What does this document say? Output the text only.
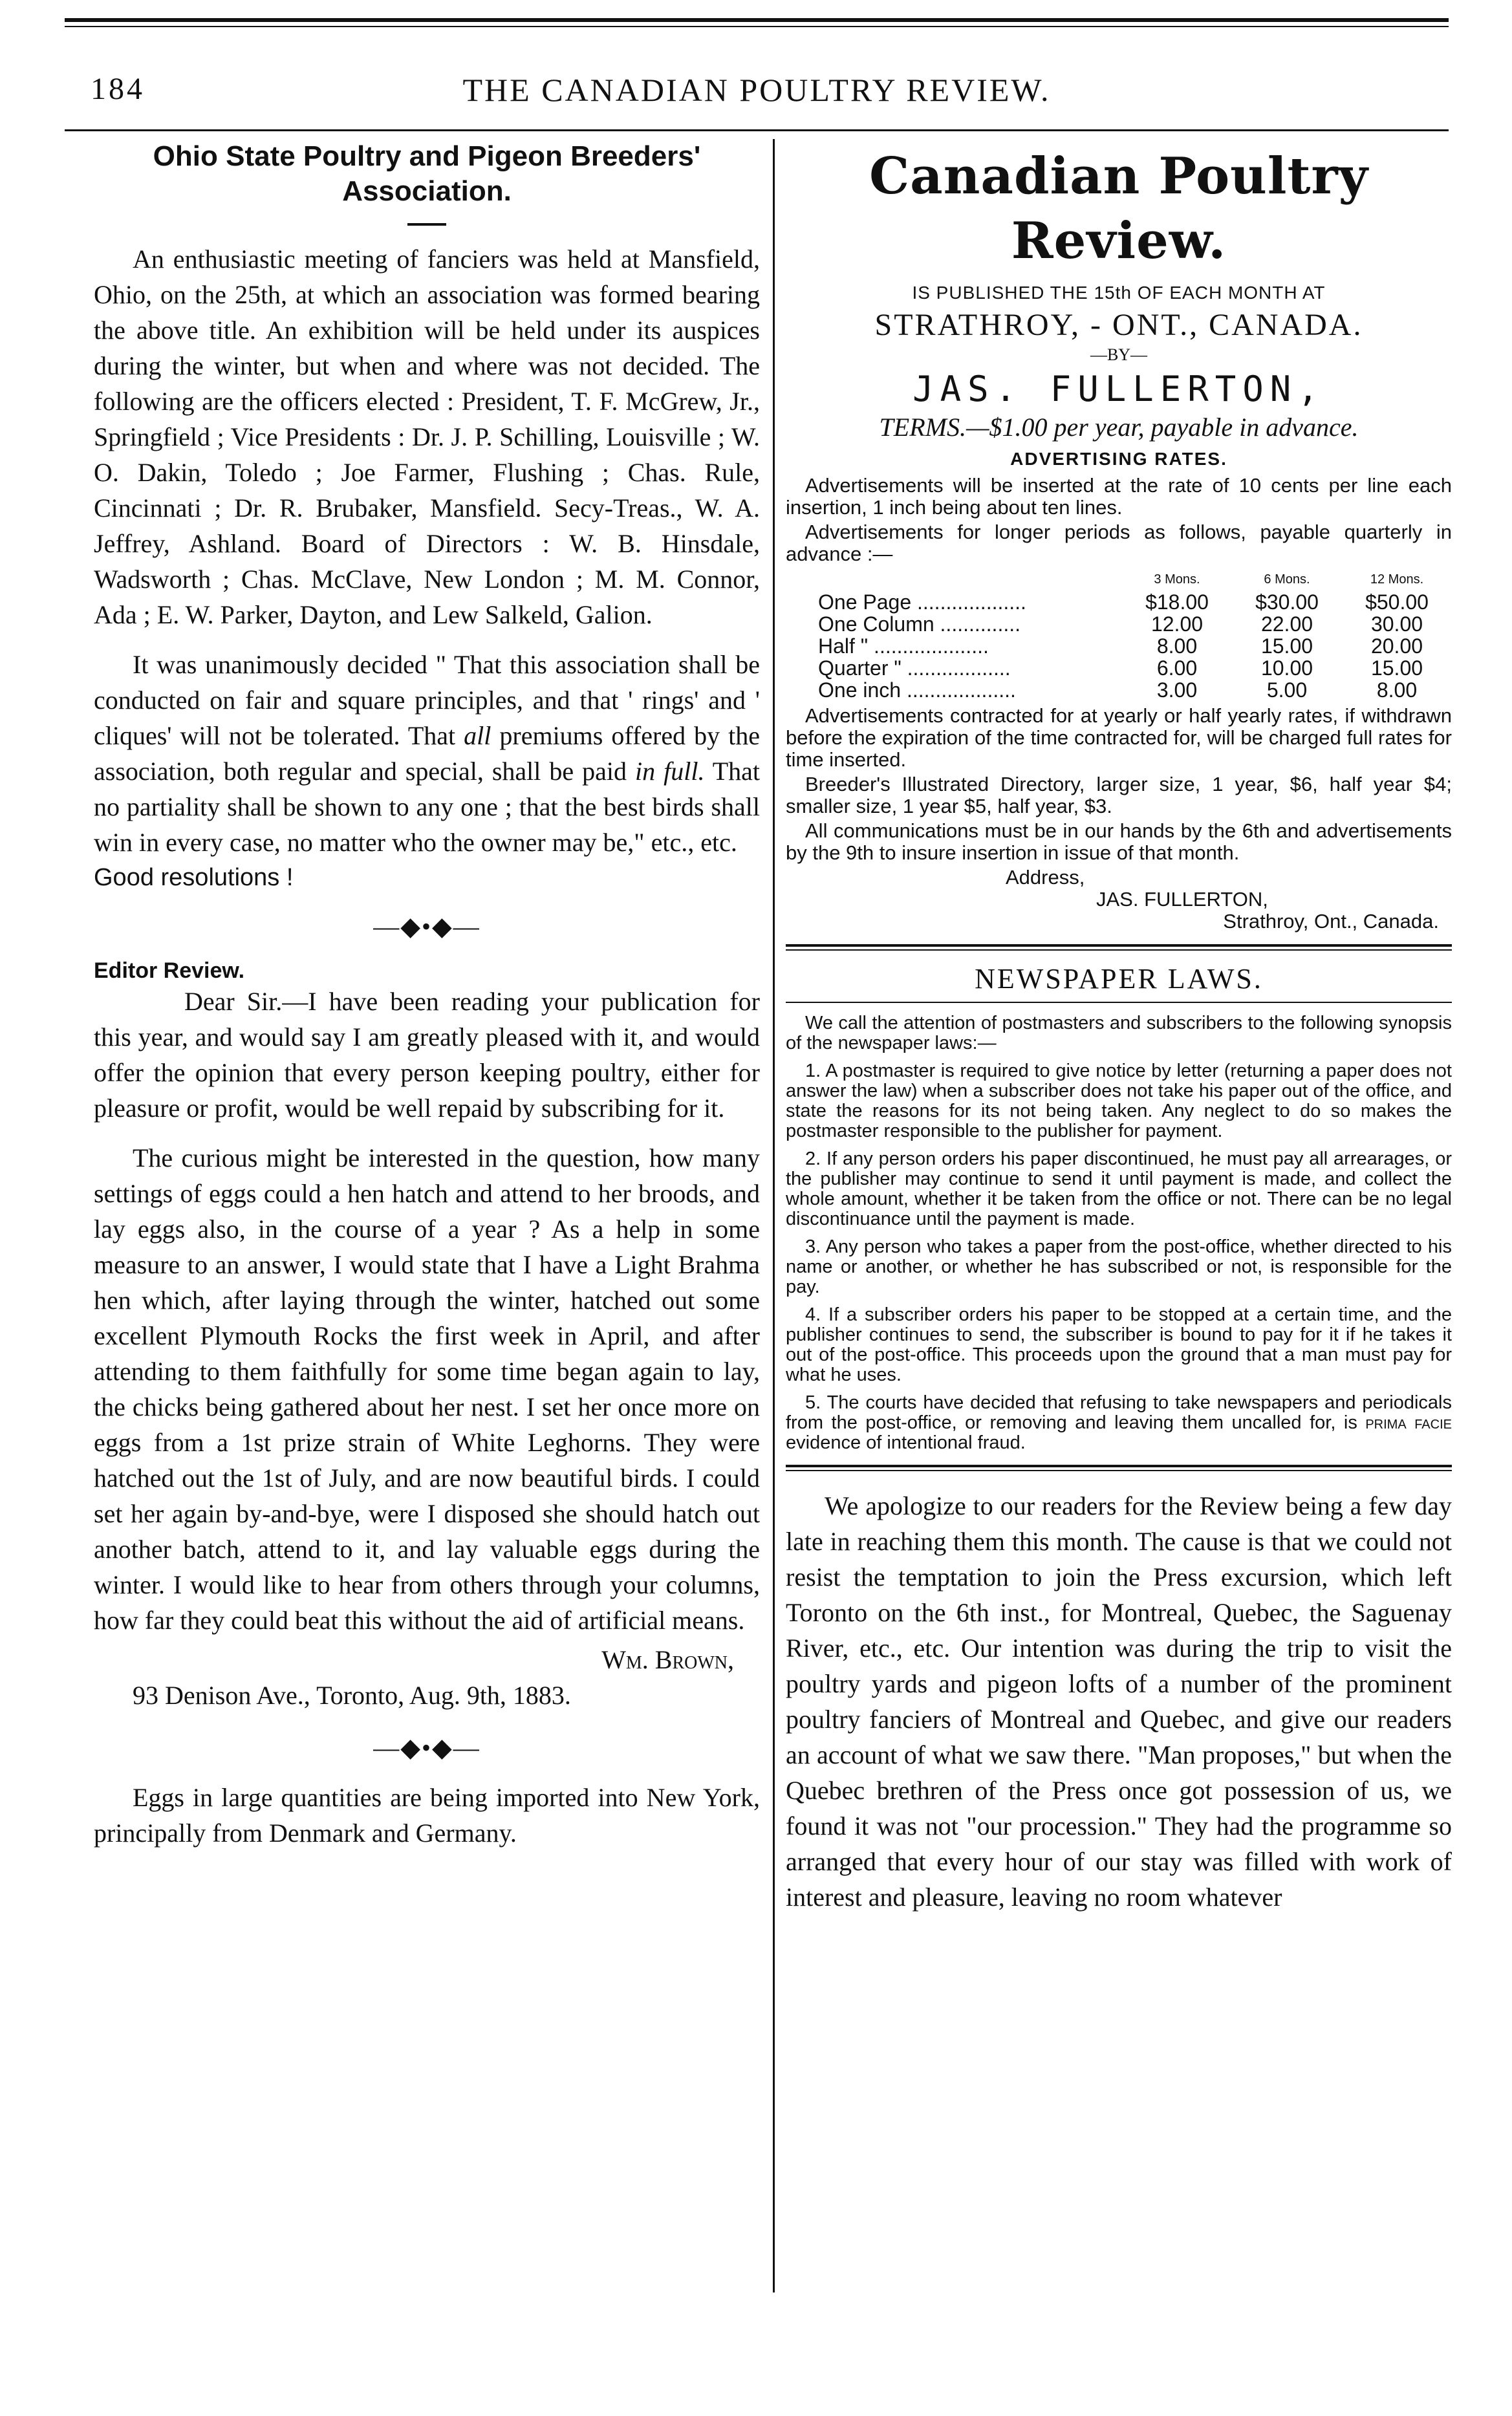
184	THE CANADIAN POULTRY REVIEW.

Ohio State Poultry and Pigeon Breeders'
Association.

An enthusiastic meeting of fanciers was held at Mansfield, Ohio, on the 25th, at which an association was formed bearing the above title. An exhibition will be held under its auspices during the winter, but when and where was not decided. The following are the officers elected : President, T. F. McGrew, Jr., Springfield ; Vice Presidents : Dr. J. P. Schilling, Louisville ; W. O. Dakin, Toledo ; Joe Farmer, Flushing ; Chas. Rule, Cincinnati ; Dr. R. Brubaker, Mansfield. Secy-Treas., W. A. Jeffrey, Ashland. Board of Directors : W. B. Hinsdale, Wadsworth ; Chas. McClave, New London ; M. M. Connor, Ada ; E. W. Parker, Dayton, and Lew Salkeld, Galion.

It was unanimously decided " That this association shall be conducted on fair and square principles, and that ' rings' and ' cliques' will not be tolerated. That all premiums offered by the association, both regular and special, shall be paid in full. That no partiality shall be shown to any one ; that the best birds shall win in every case, no matter who the owner may be," etc., etc.

Good resolutions !

—◆•◆—

Editor Review.

Dear Sir.—I have been reading your publication for this year, and would say I am greatly pleased with it, and would offer the opinion that every person keeping poultry, either for pleasure or profit, would be well repaid by subscribing for it.

The curious might be interested in the question, how many settings of eggs could a hen hatch and attend to her broods, and lay eggs also, in the course of a year ? As a help in some measure to an answer, I would state that I have a Light Brahma hen which, after laying through the winter, hatched out some excellent Plymouth Rocks the first week in April, and after attending to them faithfully for some time began again to lay, the chicks being gathered about her nest. I set her once more on eggs from a 1st prize strain of White Leghorns. They were hatched out the 1st of July, and are now beautiful birds. I could set her again by-and-bye, were I disposed she should hatch out another batch, attend to it, and lay valuable eggs during the winter. I would like to hear from others through your columns, how far they could beat this without the aid of artificial means.

Wm. Brown,

93 Denison Ave., Toronto, Aug. 9th, 1883.

—◆•◆—

Eggs in large quantities are being imported into New York, principally from Denmark and Germany.

Canadian Poultry Review.

IS PUBLISHED THE 15th OF EACH MONTH AT

STRATHROY, - ONT., CANADA.

—BY—

JAS. FULLERTON,

TERMS.—$1.00 per year, payable in advance.

ADVERTISING RATES.

Advertisements will be inserted at the rate of 10 cents per line each insertion, 1 inch being about ten lines.

Advertisements for longer periods as follows, payable quarterly in advance :—

	3 Mons.	6 Mons.	12 Mons.
One Page ...................	$18.00	$30.00	$50.00
One Column ..............	12.00	22.00	30.00
Half " ....................	8.00	15.00	20.00
Quarter " ..................	6.00	10.00	15.00
One inch ...................	3.00	5.00	8.00

Advertisements contracted for at yearly or half yearly rates, if withdrawn before the expiration of the time contracted for, will be charged full rates for time inserted.

Breeder's Illustrated Directory, larger size, 1 year, $6, half year $4; smaller size, 1 year $5, half year, $3.

All communications must be in our hands by the 6th and advertisements by the 9th to insure insertion in issue of that month.

Address,

JAS. FULLERTON,

Strathroy, Ont., Canada.

NEWSPAPER LAWS.

We call the attention of postmasters and subscribers to the following synopsis of the newspaper laws:—

1. A postmaster is required to give notice by letter (returning a paper does not answer the law) when a subscriber does not take his paper out of the office, and state the reasons for its not being taken. Any neglect to do so makes the postmaster responsible to the publisher for payment.

2. If any person orders his paper discontinued, he must pay all arrearages, or the publisher may continue to send it until payment is made, and collect the whole amount, whether it be taken from the office or not. There can be no legal discontinuance until the payment is made.

3. Any person who takes a paper from the post-office, whether directed to his name or another, or whether he has subscribed or not, is responsible for the pay.

4. If a subscriber orders his paper to be stopped at a certain time, and the publisher continues to send, the subscriber is bound to pay for it if he takes it out of the post-office. This proceeds upon the ground that a man must pay for what he uses.

5. The courts have decided that refusing to take newspapers and periodicals from the post-office, or removing and leaving them uncalled for, is prima facie evidence of intentional fraud.

We apologize to our readers for the Review being a few day late in reaching them this month. The cause is that we could not resist the temptation to join the Press excursion, which left Toronto on the 6th inst., for Montreal, Quebec, the Saguenay River, etc., etc. Our intention was during the trip to visit the poultry yards and pigeon lofts of a number of the prominent poultry fanciers of Montreal and Quebec, and give our readers an account of what we saw there. "Man proposes," but when the Quebec brethren of the Press once got possession of us, we found it was not "our procession." They had the programme so arranged that every hour of our stay was filled with work of interest and pleasure, leaving no room whatever
